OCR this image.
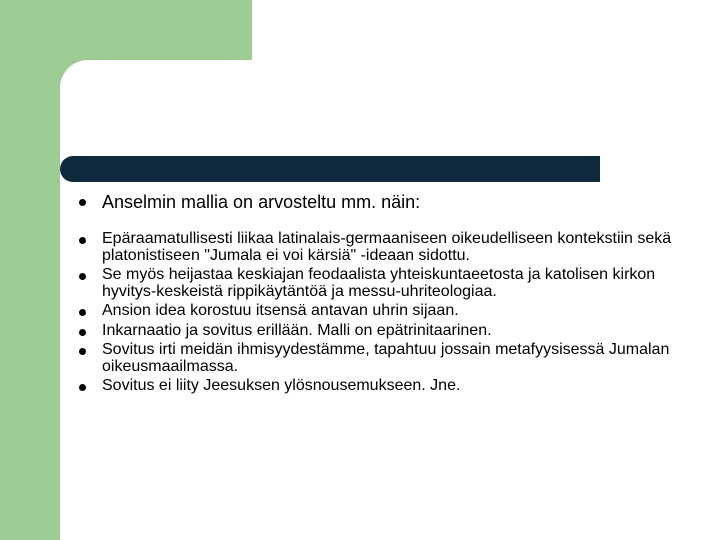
Anselmin mallia on arvosteltu mm. näin:
Epäraamatullisesti liikaa latinalais-germaaniseen oikeudelliseen kontekstiin sekä platonistiseen "Jumala ei voi kärsiä" -ideaan sidottu.
Se myös heijastaa keskiajan feodaalista yhteiskuntaeetosta ja katolisen kirkon hyvitys-keskeistä rippikäytäntöä ja messu-uhriteologiaa.
Ansion idea korostuu itsensä antavan uhrin sijaan.
Inkarnaatio ja sovitus erillään. Malli on epätrinitaarinen.
Sovitus irti meidän ihmisyydestämme, tapahtuu jossain metafyysisessä Jumalan oikeusmaailmassa.
Sovitus ei liity Jeesuksen ylösnousemukseen. Jne.
